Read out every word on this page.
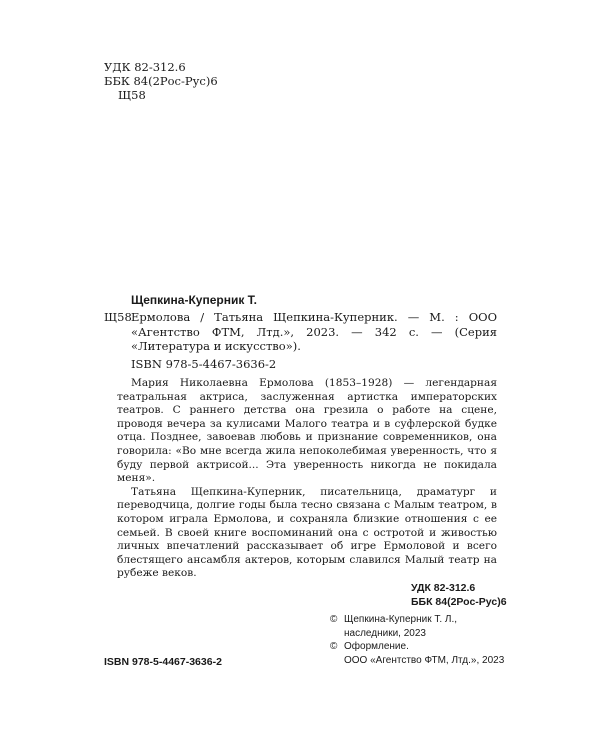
УДК 82-312.6
ББК 84(2Рос-Рус)6
Щ58
Щепкина-Куперник Т.
Щ58 Ермолова / Татьяна Щепкина-Куперник. — М. : ООО «Агентство ФТМ, Лтд.», 2023. — 342 с. — (Серия «Литература и искусство»).
ISBN 978-5-4467-3636-2

Мария Николаевна Ермолова (1853–1928) — легендарная театральная актриса, заслуженная артистка императорских театров. С раннего детства она грезила о работе на сцене, проводя вечера за кулисами Малого театра и в суфлерской будке отца. Позднее, завоевав любовь и признание современников, она говорила: «Во мне всегда жила непоколебимая уверенность, что я буду первой актрисой... Эта уверенность никогда не покидала меня».

Татьяна Щепкина-Куперник, писательница, драматург и переводчица, долгие годы была тесно связана с Малым театром, в котором играла Ермолова, и сохраняла близкие отношения с ее семьей. В своей книге воспоминаний она с остротой и живостью личных впечатлений рассказывает об игре Ермоловой и всего блестящего ансамбля актеров, которым славился Малый театр на рубеже веков.

УДК 82-312.6
ББК 84(2Рос-Рус)6
ISBN 978-5-4467-3636-2
© Щепкина-Куперник Т. Л.,
наследники, 2023
© Оформление.
ООО «Агентство ФТМ, Лтд.», 2023
